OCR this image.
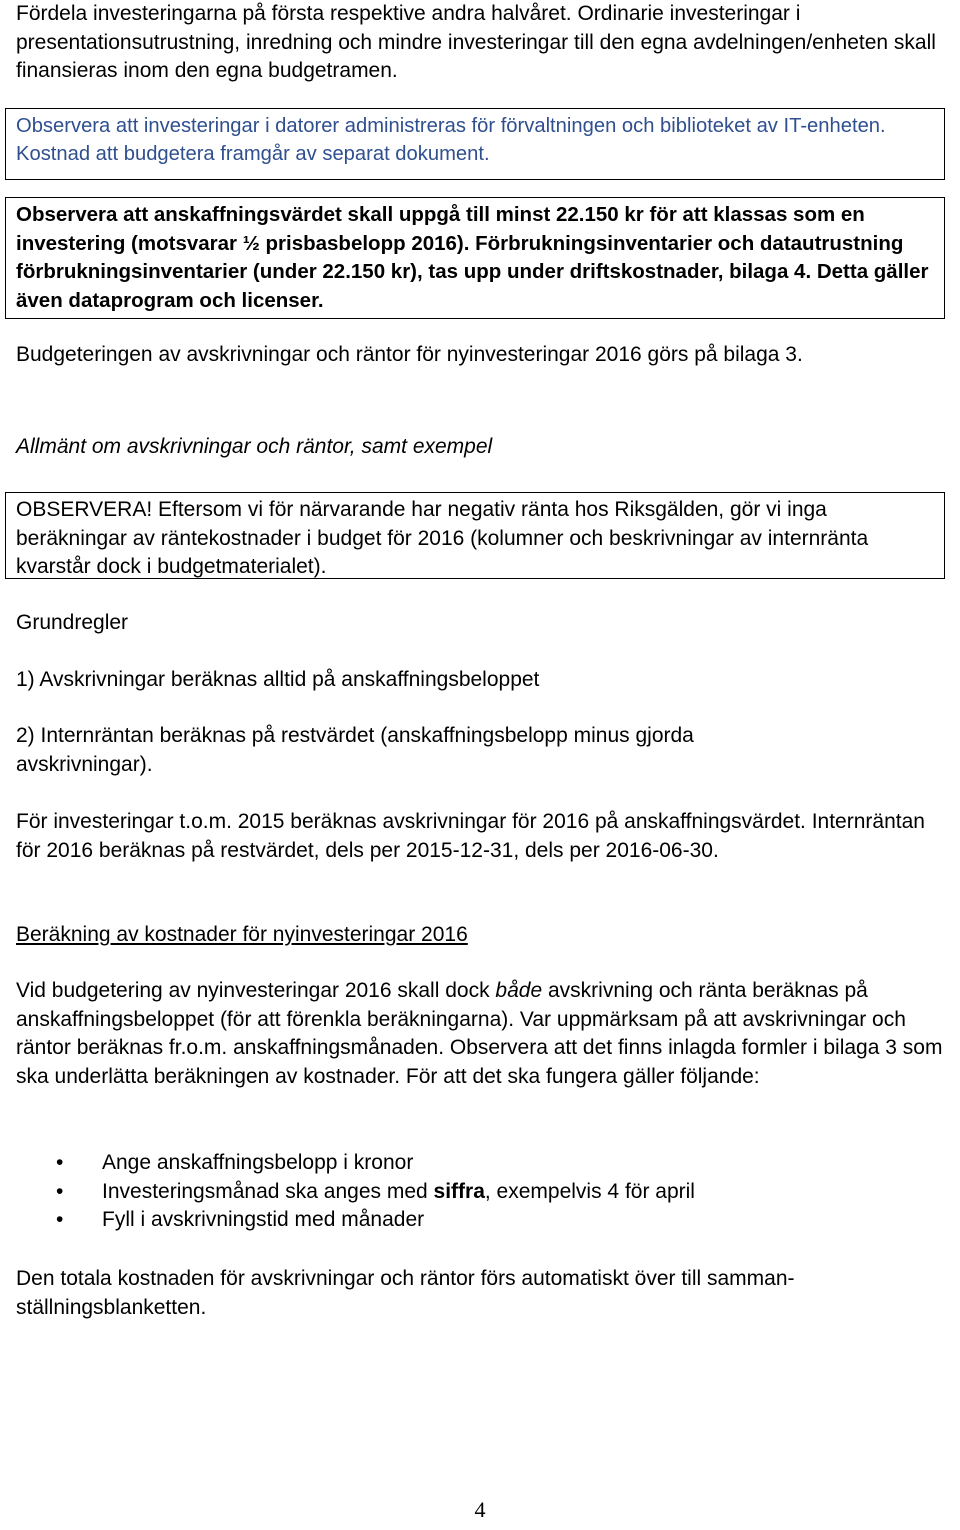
Fördela investeringarna på första respektive andra halvåret. Ordinarie investeringar i presentationsutrustning, inredning och mindre investeringar till den egna avdelningen/enheten skall finansieras inom den egna budgetramen.

Observera att investeringar i datorer administreras för förvaltningen och biblioteket av IT-enheten. Kostnad att budgetera framgår av separat dokument.
Observera att anskaffningsvärdet skall uppgå till minst 22.150 kr för att klassas som en investering (motsvarar ½ prisbasbelopp 2016). Förbrukningsinventarier och datautrustning förbrukningsinventarier (under 22.150 kr), tas upp under driftskostnader, bilaga 4. Detta gäller även dataprogram och licenser.

Budgeteringen av avskrivningar och räntor för nyinvesteringar 2016 görs på bilaga 3.

Allmänt om avskrivningar och räntor, samt exempel

OBSERVERA! Eftersom vi för närvarande har negativ ränta hos Riksgälden, gör vi inga beräkningar av räntekostnader i budget för 2016 (kolumner och beskrivningar av internränta kvarstår dock i budgetmaterialet).

Grundregler

1) Avskrivningar beräknas alltid på anskaffningsbeloppet

2) Internräntan beräknas på restvärdet (anskaffningsbelopp minus gjorda avskrivningar).

För investeringar t.o.m. 2015 beräknas avskrivningar för 2016 på anskaffningsvärdet. Internräntan för 2016 beräknas på restvärdet, dels per 2015-12-31, dels per 2016-06-30.

Beräkning av kostnader för nyinvesteringar 2016

Vid budgetering av nyinvesteringar 2016 skall dock både avskrivning och ränta beräknas på anskaffningsbeloppet (för att förenkla beräkningarna). Var uppmärksam på att avskrivningar och räntor beräknas fr.o.m. anskaffningsmånaden. Observera att det finns inlagda formler i bilaga 3 som ska underlätta beräkningen av kostnader. För att det ska fungera gäller följande:

• Ange anskaffningsbelopp i kronor
• Investeringsmånad ska anges med siffra, exempelvis 4 för april
• Fyll i avskrivningstid med månader

Den totala kostnaden för avskrivningar och räntor förs automatiskt över till samman-ställningsblanketten.

4
